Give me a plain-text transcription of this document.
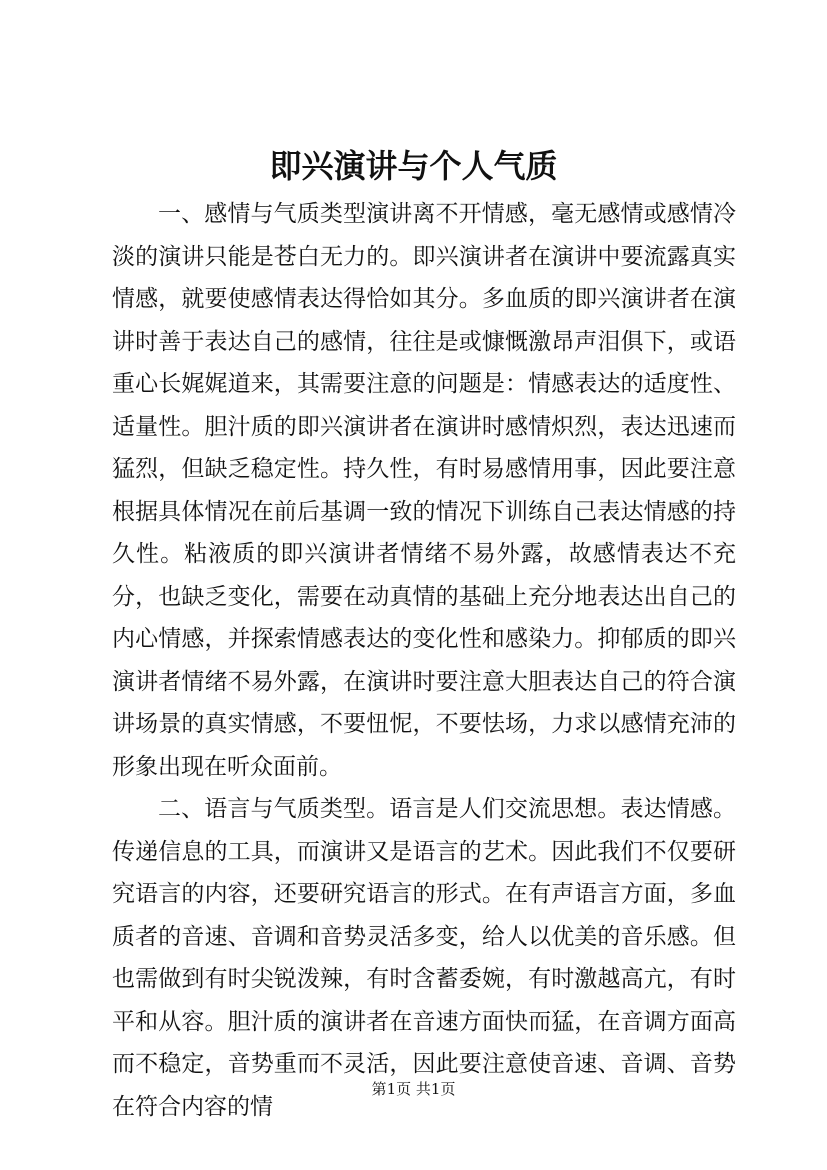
即兴演讲与个人气质

一、感情与气质类型演讲离不开情感，毫无感情或感情冷淡的演讲只能是苍白无力的。即兴演讲者在演讲中要流露真实情感，就要使感情表达得恰如其分。多血质的即兴演讲者在演讲时善于表达自己的感情，往往是或慷慨激昂声泪俱下，或语重心长娓娓道来，其需要注意的问题是：情感表达的适度性、适量性。胆汁质的即兴演讲者在演讲时感情炽烈，表达迅速而猛烈，但缺乏稳定性。持久性，有时易感情用事，因此要注意根据具体情况在前后基调一致的情况下训练自己表达情感的持久性。粘液质的即兴演讲者情绪不易外露，故感情表达不充分，也缺乏变化，需要在动真情的基础上充分地表达出自己的内心情感，并探索情感表达的变化性和感染力。抑郁质的即兴演讲者情绪不易外露，在演讲时要注意大胆表达自己的符合演讲场景的真实情感，不要忸怩，不要怯场，力求以感情充沛的形象出现在听众面前。

二、语言与气质类型。语言是人们交流思想。表达情感。传递信息的工具，而演讲又是语言的艺术。因此我们不仅要研究语言的内容，还要研究语言的形式。在有声语言方面，多血质者的音速、音调和音势灵活多变，给人以优美的音乐感。但也需做到有时尖锐泼辣，有时含蓄委婉，有时激越高亢，有时平和从容。胆汁质的演讲者在音速方面快而猛，在音调方面高而不稳定，音势重而不灵活，因此要注意使音速、音调、音势在符合内容的情

第1页 共1页
